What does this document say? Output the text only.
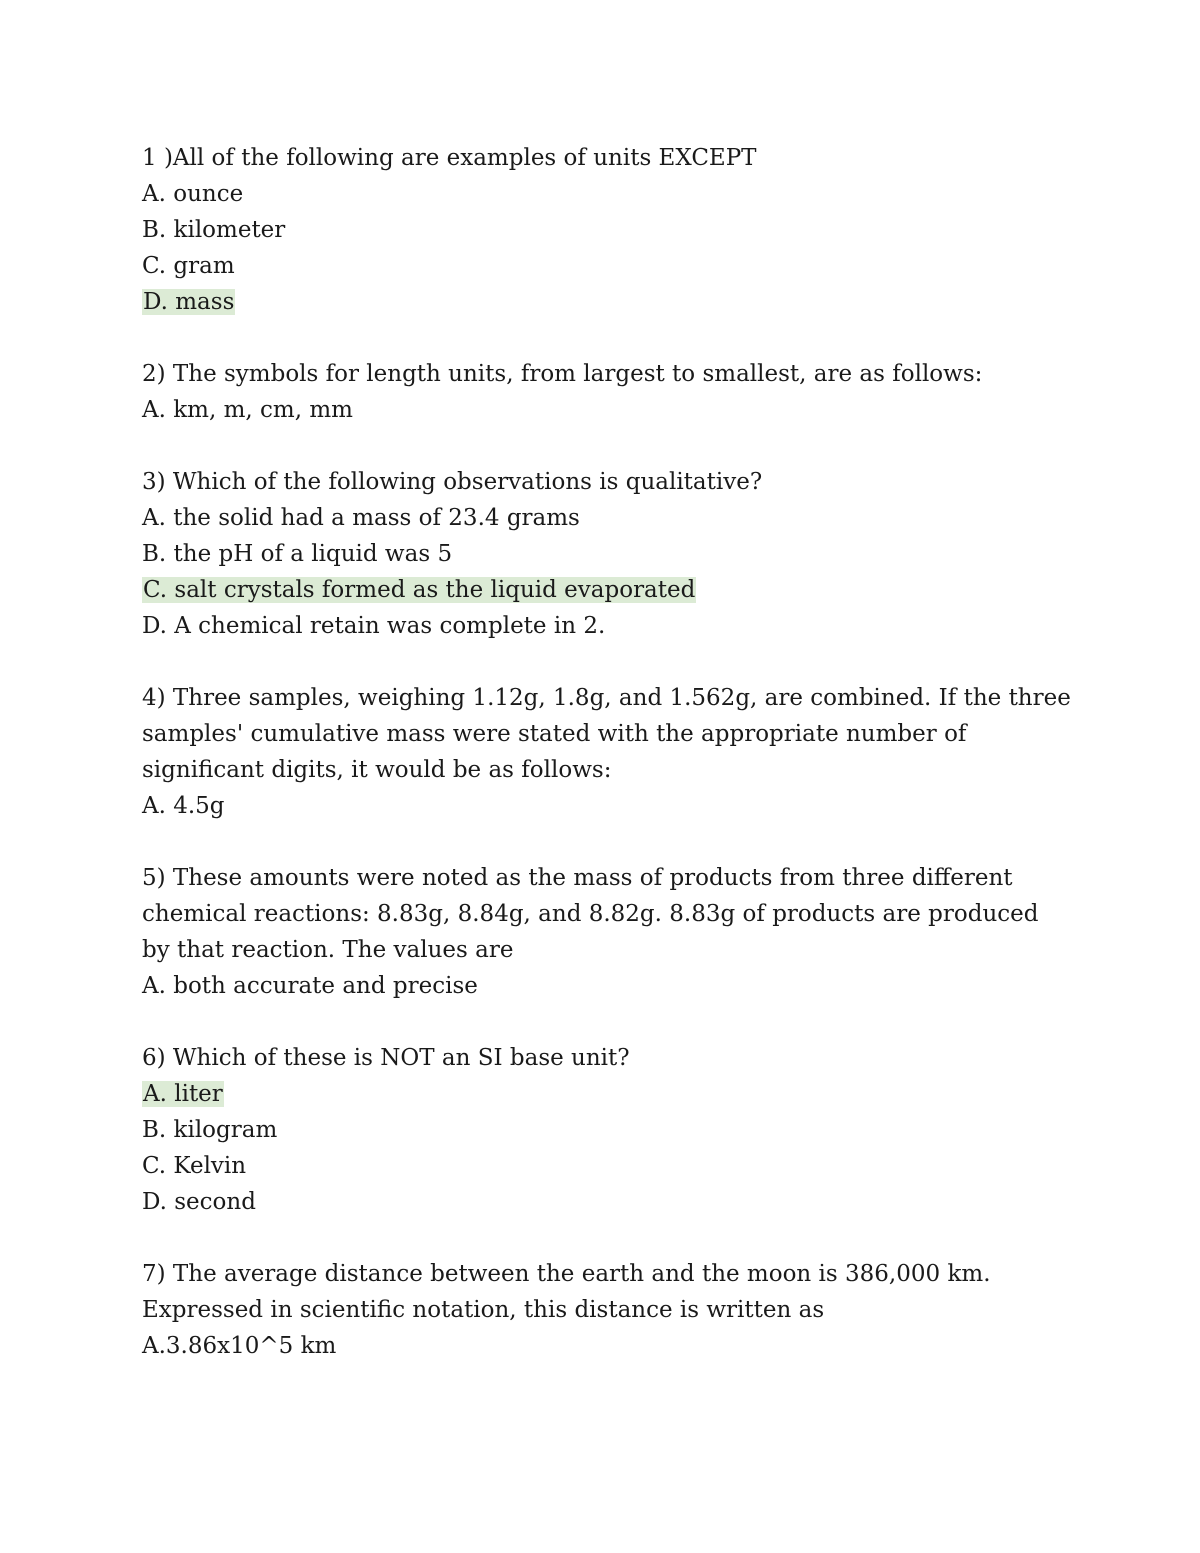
1 )All of the following are examples of units EXCEPT
A. ounce
B. kilometer
C. gram
D. mass
2) The symbols for length units, from largest to smallest, are as follows:
A. km, m, cm, mm
3) Which of the following observations is qualitative?
A. the solid had a mass of 23.4 grams
B. the pH of a liquid was 5
C. salt crystals formed as the liquid evaporated
D. A chemical retain was complete in 2.
4) Three samples, weighing 1.12g, 1.8g, and 1.562g, are combined. If the three samples' cumulative mass were stated with the appropriate number of significant digits, it would be as follows:
A. 4.5g
5) These amounts were noted as the mass of products from three different chemical reactions: 8.83g, 8.84g, and 8.82g. 8.83g of products are produced by that reaction. The values are
A. both accurate and precise
6) Which of these is NOT an SI base unit?
A. liter
B. kilogram
C. Kelvin
D. second
7) The average distance between the earth and the moon is 386,000 km. Expressed in scientific notation, this distance is written as
A.3.86x10^5 km
